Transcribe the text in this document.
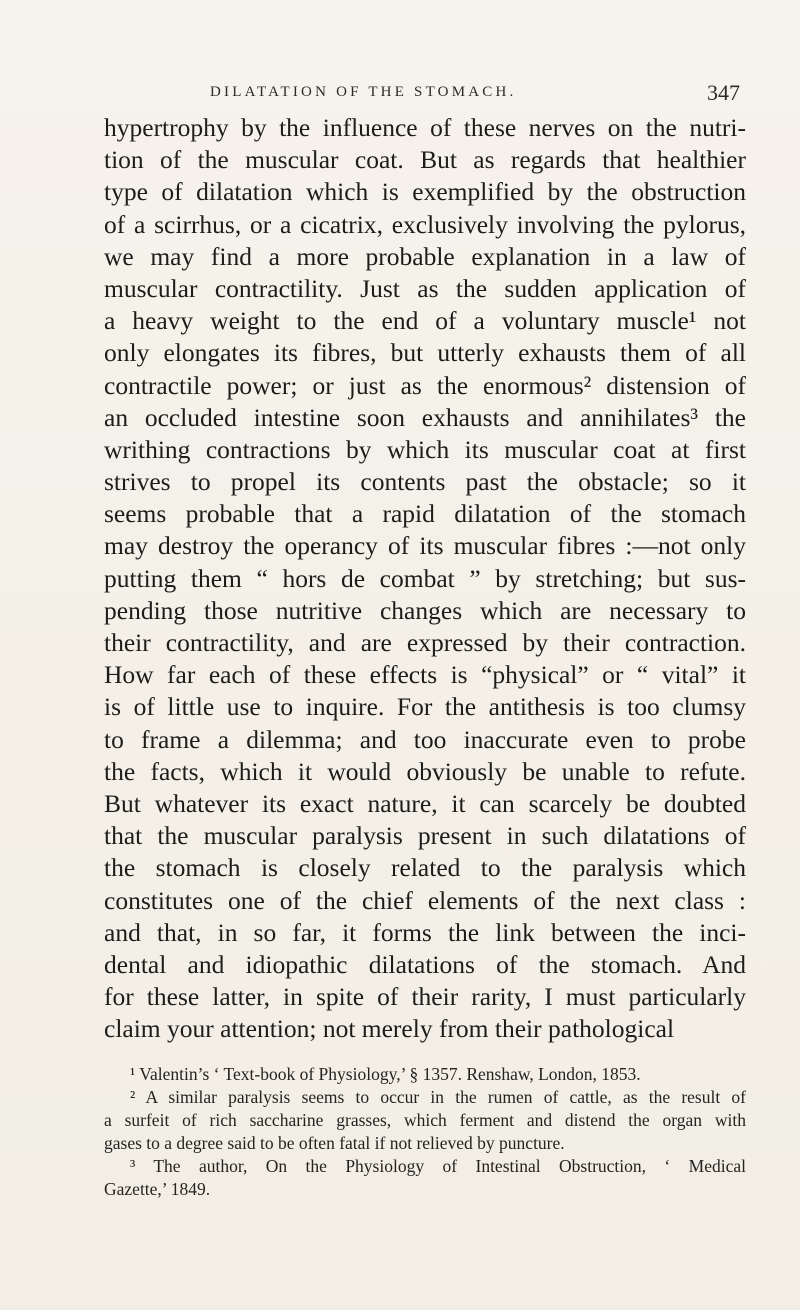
DILATATION OF THE STOMACH.	347
hypertrophy by the influence of these nerves on the nutri-
tion of the muscular coat. But as regards that healthier
type of dilatation which is exemplified by the obstruction
of a scirrhus, or a cicatrix, exclusively involving the pylorus,
we may find a more probable explanation in a law of
muscular contractility. Just as the sudden application of
a heavy weight to the end of a voluntary muscle¹ not
only elongates its fibres, but utterly exhausts them of all
contractile power; or just as the enormous² distension of
an occluded intestine soon exhausts and annihilates³ the
writhing contractions by which its muscular coat at first
strives to propel its contents past the obstacle; so it
seems probable that a rapid dilatation of the stomach
may destroy the operancy of its muscular fibres :—not only
putting them “ hors de combat ” by stretching; but sus-
pending those nutritive changes which are necessary to
their contractility, and are expressed by their contraction.
How far each of these effects is “physical” or “ vital” it
is of little use to inquire. For the antithesis is too clumsy
to frame a dilemma; and too inaccurate even to probe
the facts, which it would obviously be unable to refute.
But whatever its exact nature, it can scarcely be doubted
that the muscular paralysis present in such dilatations of
the stomach is closely related to the paralysis which
constitutes one of the chief elements of the next class :
and that, in so far, it forms the link between the inci-
dental and idiopathic dilatations of the stomach. And
for these latter, in spite of their rarity, I must particularly
claim your attention; not merely from their pathological
¹ Valentin’s ‘ Text-book of Physiology,’ § 1357. Renshaw, London, 1853.
² A similar paralysis seems to occur in the rumen of cattle, as the result of
a surfeit of rich saccharine grasses, which ferment and distend the organ with
gases to a degree said to be often fatal if not relieved by puncture.
³ The author, On the Physiology of Intestinal Obstruction, ‘ Medical
Gazette,’ 1849.
